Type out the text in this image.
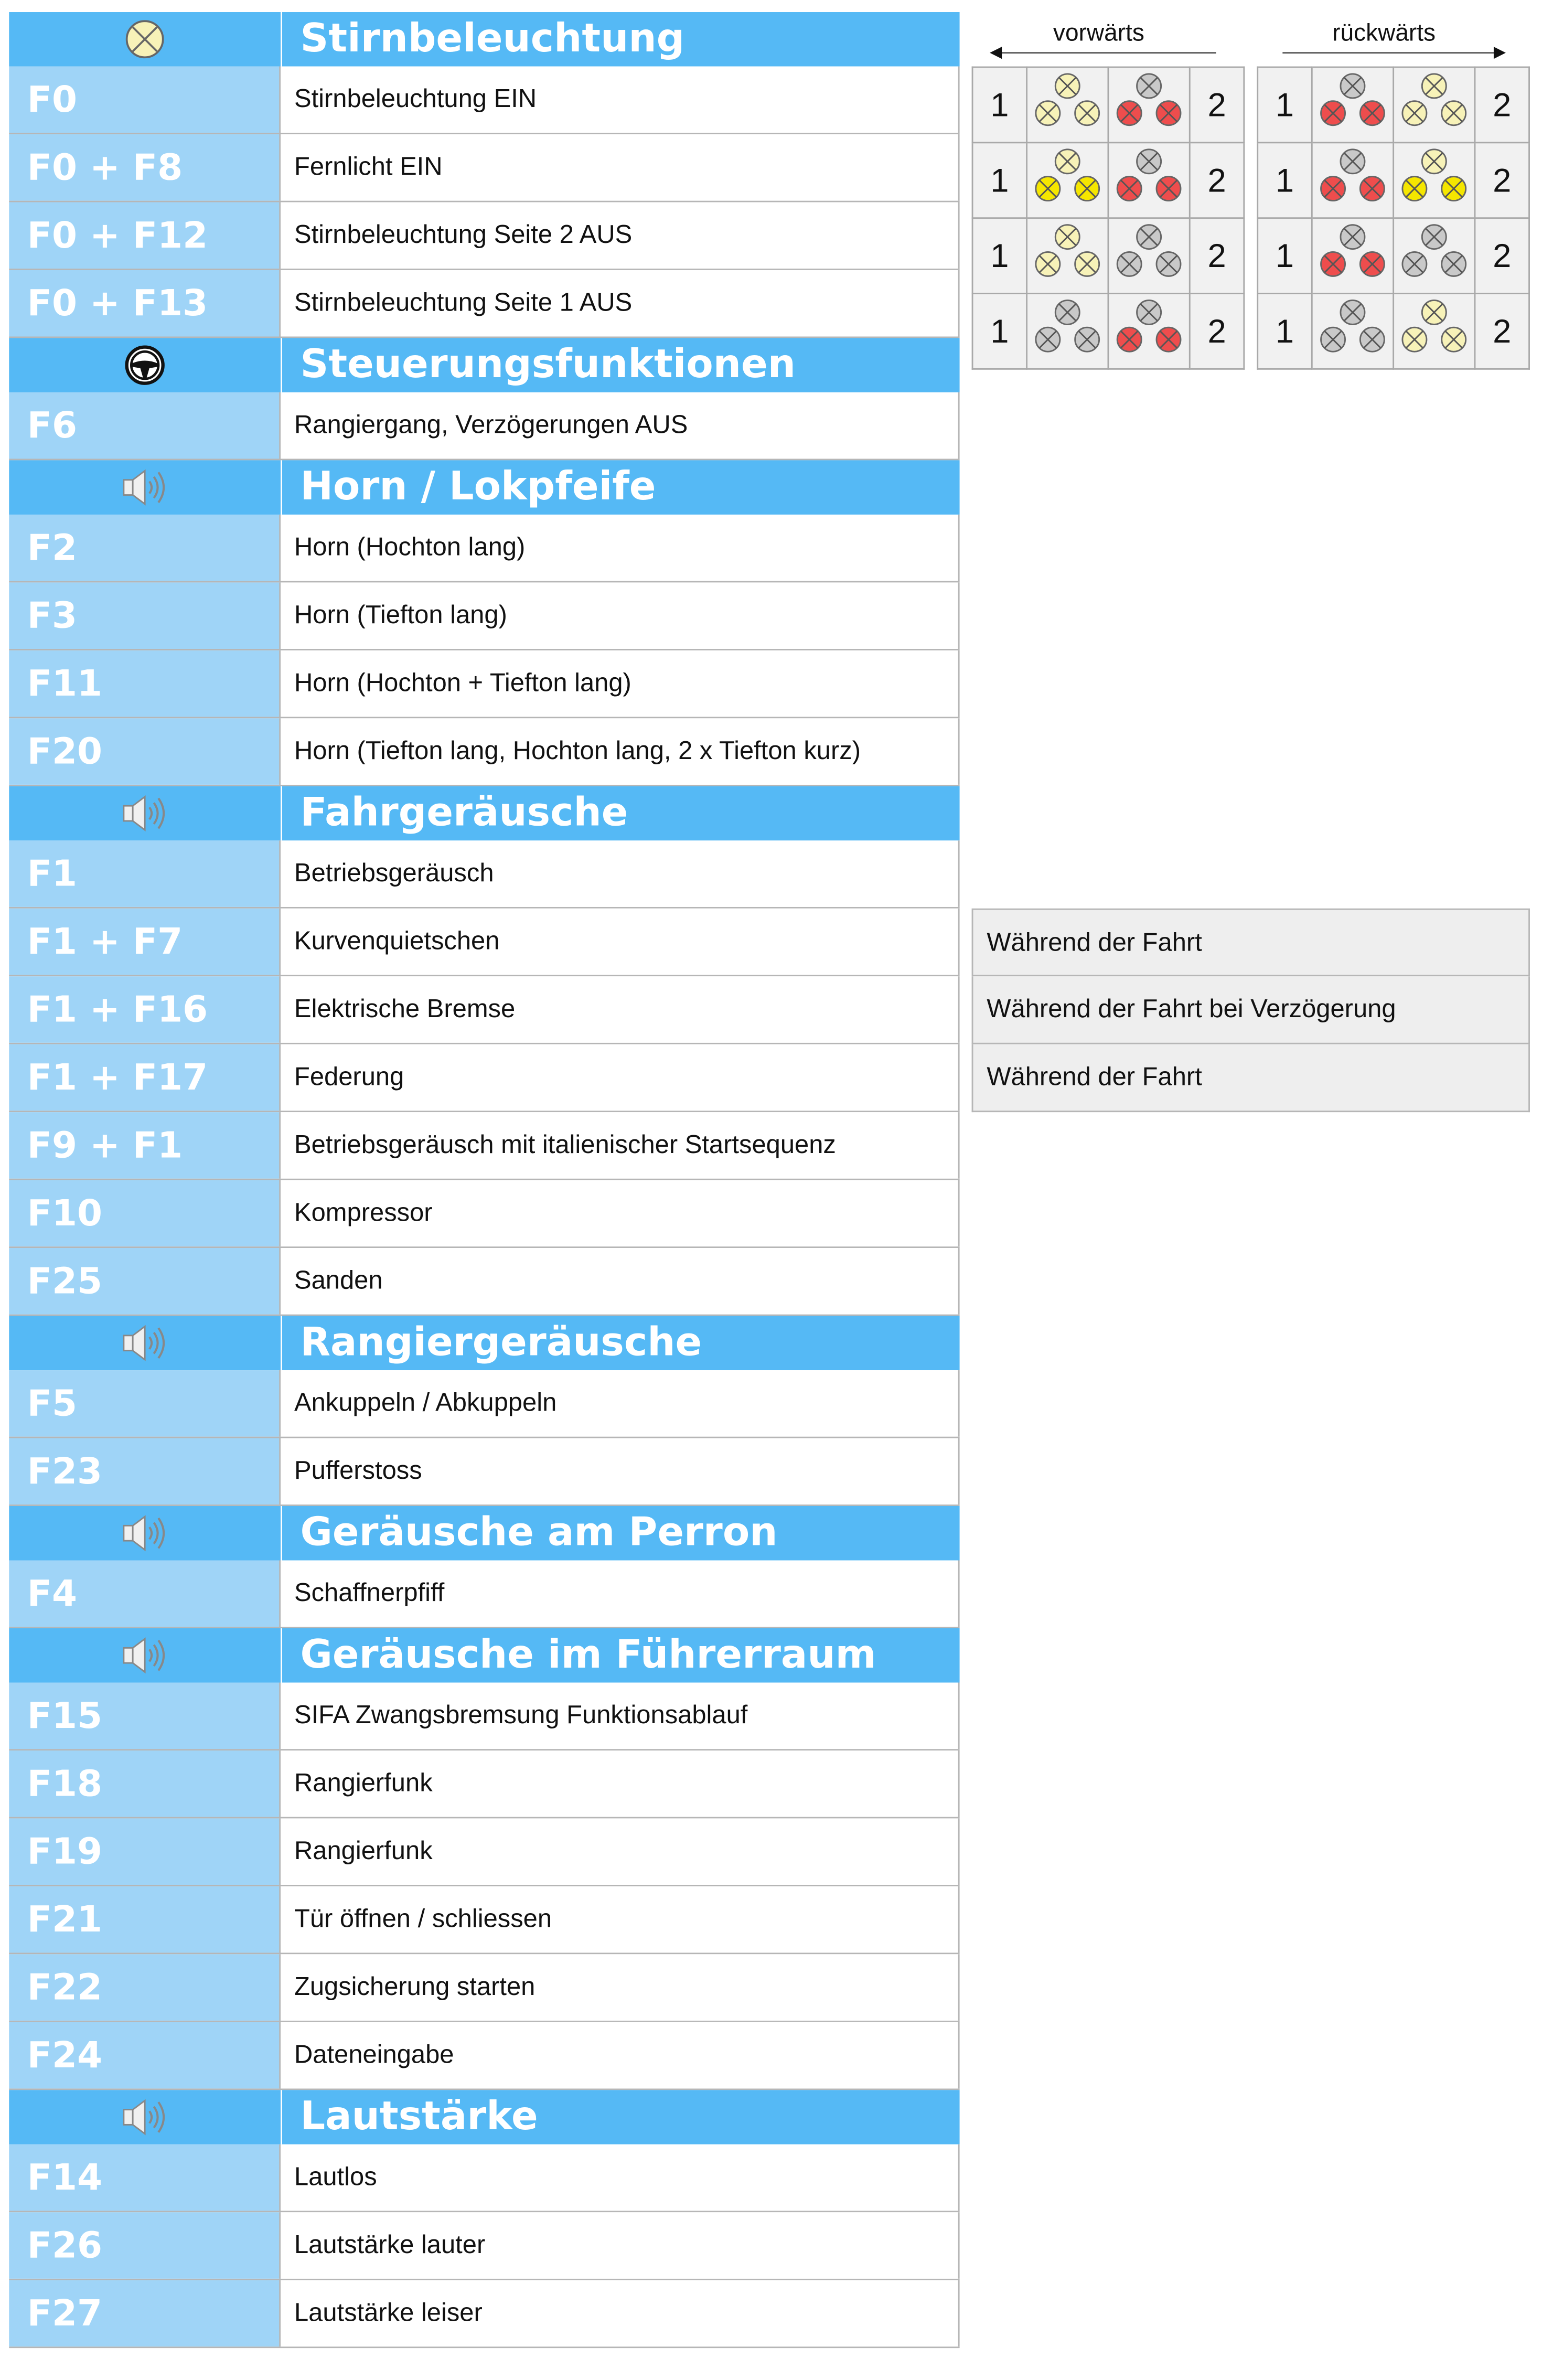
Stirnbeleuchtung
F0	Stirnbeleuchtung EIN
F0 + F8	Fernlicht EIN
F0 + F12	Stirnbeleuchtung Seite 2 AUS
F0 + F13	Stirnbeleuchtung Seite 1 AUS
Steuerungsfunktionen
F6	Rangiergang, Verzögerungen AUS
Horn / Lokpfeife
F2	Horn (Hochton lang)
F3	Horn (Tiefton lang)
F11	Horn (Hochton + Tiefton lang)
F20	Horn (Tiefton lang, Hochton lang, 2 x Tiefton kurz)
Fahrgeräusche
F1	Betriebsgeräusch
F1 + F7	Kurvenquietschen
F1 + F16	Elektrische Bremse
F1 + F17	Federung
F9 + F1	Betriebsgeräusch mit italienischer Startsequenz
F10	Kompressor
F25	Sanden
Rangiergeräusche
F5	Ankuppeln / Abkuppeln
F23	Pufferstoss
Geräusche am Perron
F4	Schaffnerpfiff
Geräusche im Führerraum
F15	SIFA Zwangsbremsung Funktionsablauf
F18	Rangierfunk
F19	Rangierfunk
F21	Tür öffnen / schliessen
F22	Zugsicherung starten
F24	Dateneingabe
Lautstärke
F14	Lautlos
F26	Lautstärke lauter
F27	Lautstärke leiser
vorwärts	rückwärts
1			2
1			2
1			2
1			2
1			2
1			2
1			2
1			2
Während der Fahrt
Während der Fahrt bei Verzögerung
Während der Fahrt
